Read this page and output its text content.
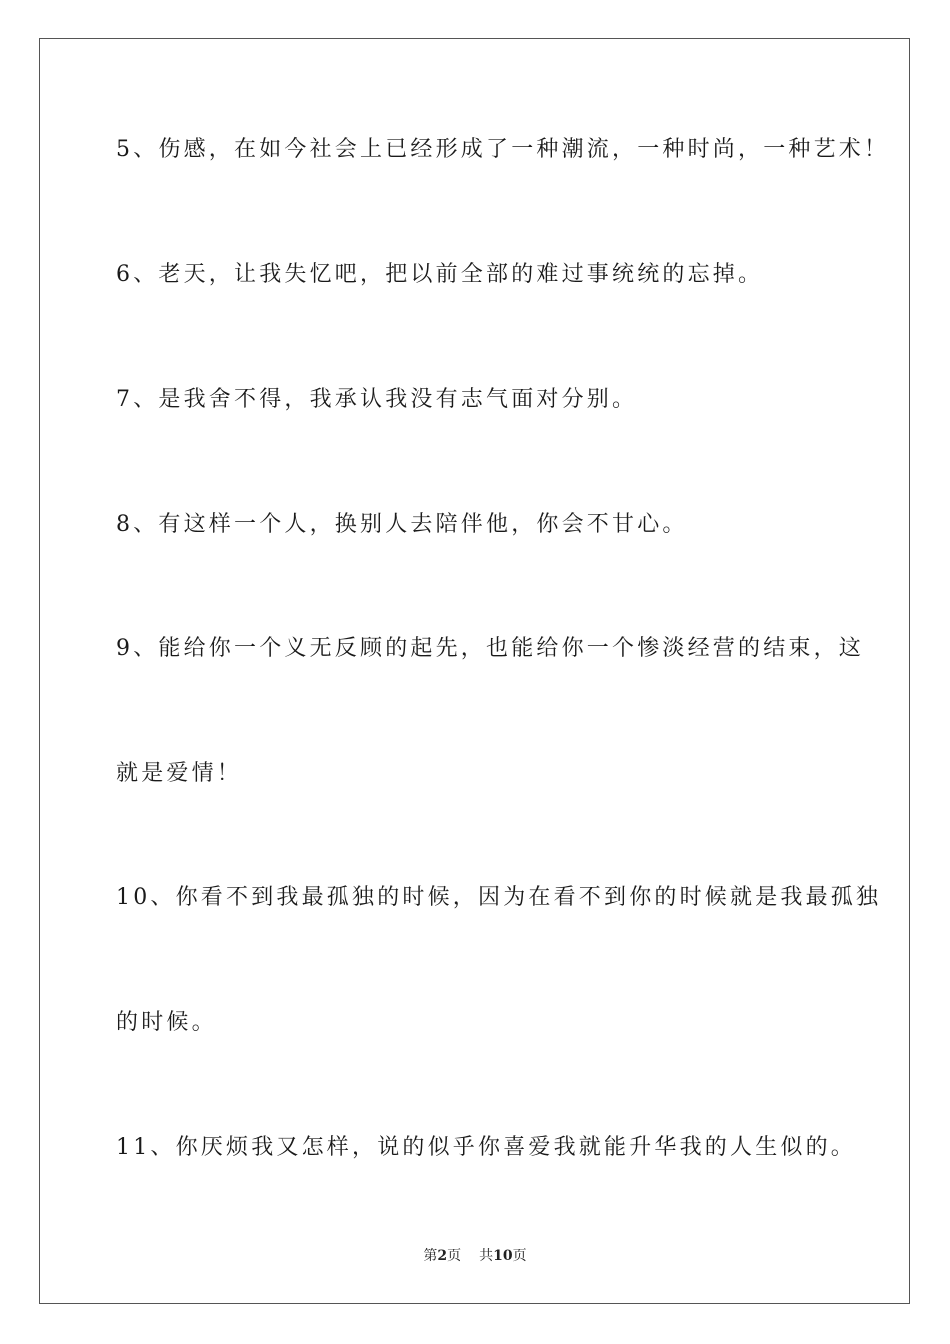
5、伤感，在如今社会上已经形成了一种潮流，一种时尚，一种艺术！
6、老天，让我失忆吧，把以前全部的难过事统统的忘掉。
7、是我舍不得，我承认我没有志气面对分别。
8、有这样一个人，换别人去陪伴他，你会不甘心。
9、能给你一个义无反顾的起先，也能给你一个惨淡经营的结束，这
就是爱情！
10、你看不到我最孤独的时候，因为在看不到你的时候就是我最孤独
的时候。
11、你厌烦我又怎样，说的似乎你喜爱我就能升华我的人生似的。
第2页 共10页
